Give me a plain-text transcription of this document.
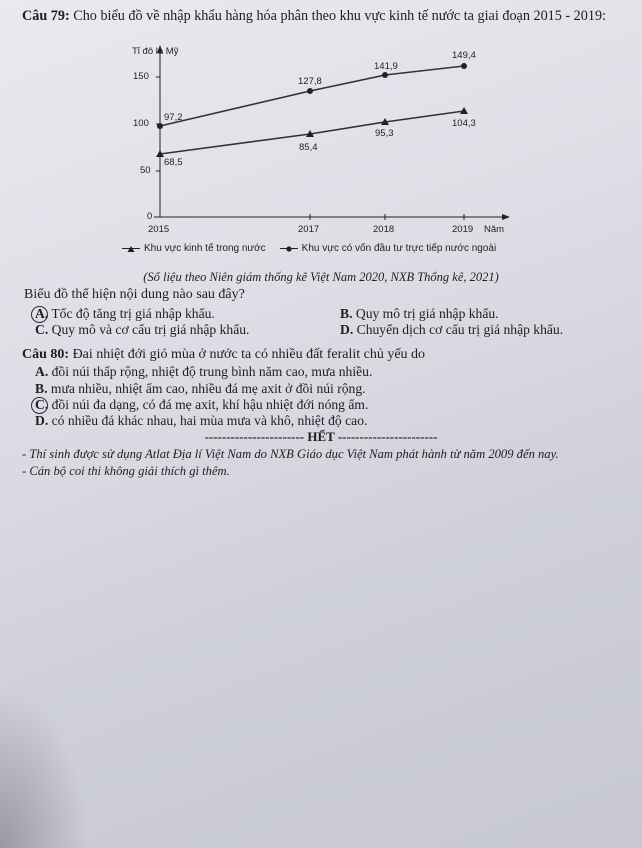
Câu 79: Cho biểu đồ về nhập khẩu hàng hóa phân theo khu vực kinh tế nước ta giai đoạn 2015 - 2019:
Tỉ đô la Mỹ
150
100
50
0
2015	2017	2018	2019 Năm
97,2
127,8
141,9
149,4
68,5
85,4
95,3
104,3
Khu vực kinh tế trong nước	Khu vực có vốn đầu tư trực tiếp nước ngoài
(Số liệu theo Niên giám thống kê Việt Nam 2020, NXB Thống kê, 2021)
Biểu đồ thể hiện nội dung nào sau đây?
A. Tốc độ tăng trị giá nhập khẩu.	B. Quy mô trị giá nhập khẩu.
C. Quy mô và cơ cấu trị giá nhập khẩu.	D. Chuyển dịch cơ cấu trị giá nhập khẩu.
Câu 80: Đai nhiệt đới gió mùa ở nước ta có nhiều đất feralit chủ yếu do
A. đồi núi thấp rộng, nhiệt độ trung bình năm cao, mưa nhiều.
B. mưa nhiều, nhiệt ẩm cao, nhiều đá mẹ axit ở đồi núi rộng.
C. đồi núi đa dạng, có đá mẹ axit, khí hậu nhiệt đới nóng ẩm.
D. có nhiều đá khác nhau, hai mùa mưa và khô, nhiệt độ cao.
----------------------- HẾT -----------------------
- Thí sinh được sử dụng Atlat Địa lí Việt Nam do NXB Giáo dục Việt Nam phát hành từ năm 2009 đến nay.
- Cán bộ coi thi không giải thích gì thêm.
